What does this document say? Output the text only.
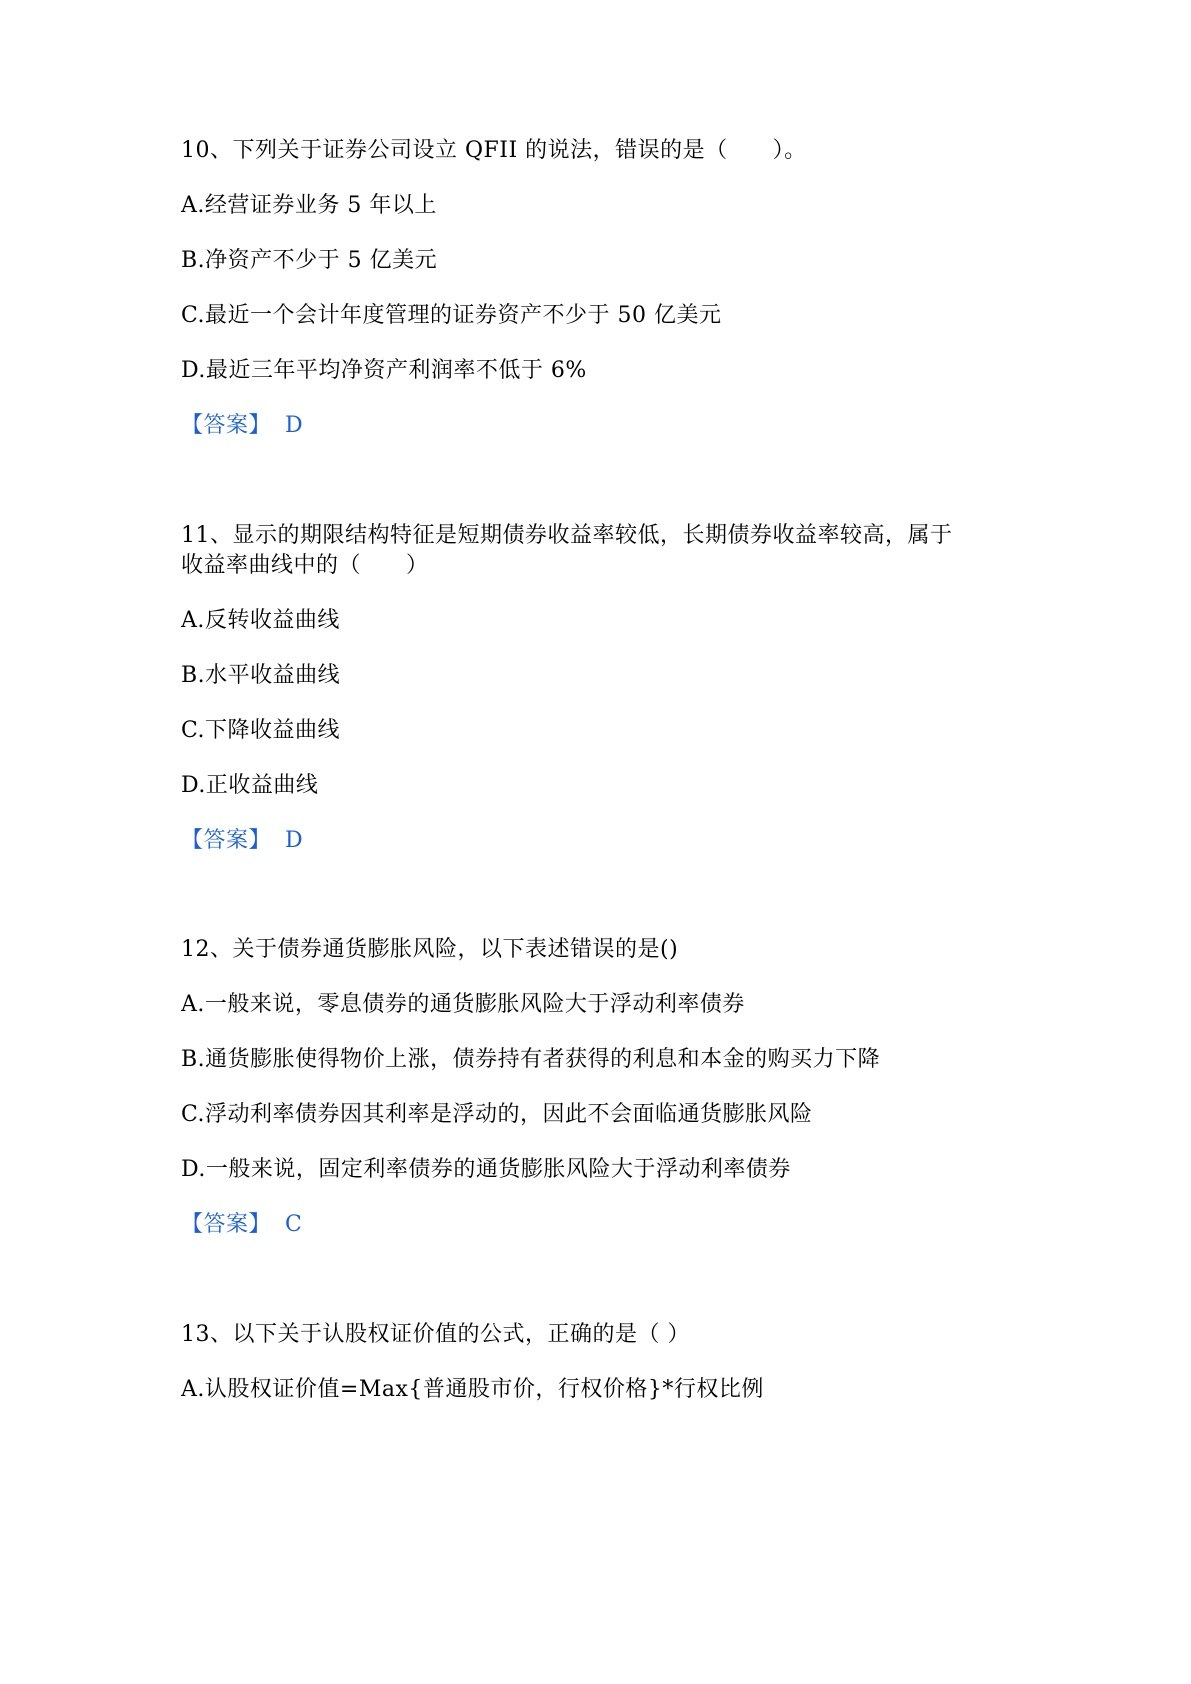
10、下列关于证券公司设立 QFII 的说法，错误的是（　　）。
A.经营证券业务 5 年以上
B.净资产不少于 5 亿美元
C.最近一个会计年度管理的证券资产不少于 50 亿美元
D.最近三年平均净资产利润率不低于 6%
【答案】 D
11、显示的期限结构特征是短期债券收益率较低，长期债券收益率较高，属于
收益率曲线中的（　　）
A.反转收益曲线
B.水平收益曲线
C.下降收益曲线
D.正收益曲线
【答案】 D
12、关于债券通货膨胀风险，以下表述错误的是()
A.一般来说，零息债券的通货膨胀风险大于浮动利率债券
B.通货膨胀使得物价上涨，债券持有者获得的利息和本金的购买力下降
C.浮动利率债券因其利率是浮动的，因此不会面临通货膨胀风险
D.一般来说，固定利率债券的通货膨胀风险大于浮动利率债券
【答案】 C
13、以下关于认股权证价值的公式，正确的是（ ）
A.认股权证价值=Max{普通股市价，行权价格}*行权比例
